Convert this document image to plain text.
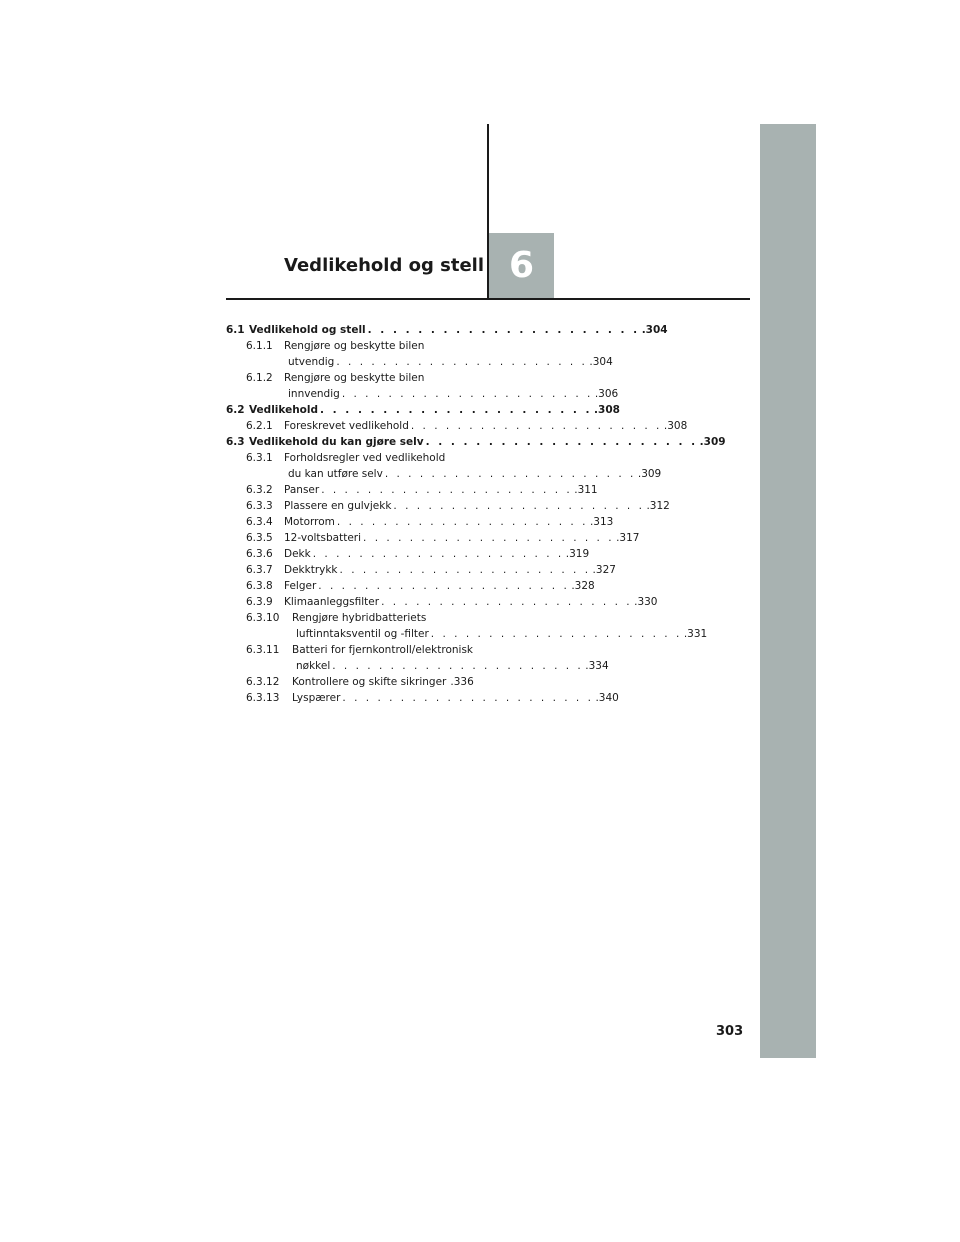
Vedlikehold og stell 6
6.1 Vedlikehold og stell . . . . . . . . . . . . . . . . . . . . . . .304
6.1.1 Rengjøre og beskytte bilen
utvendig . . . . . . . . . . . . . . . . . . . . . . .304
6.1.2 Rengjøre og beskytte bilen
innvendig . . . . . . . . . . . . . . . . . . . . . . .306
6.2 Vedlikehold . . . . . . . . . . . . . . . . . . . . . . .308
6.2.1 Foreskrevet vedlikehold . . . . . . . . . . . . . . . . . . . . . . .308
6.3 Vedlikehold du kan gjøre selv . . . . . . . . . . . . . . . . . . . . . . .309
6.3.1 Forholdsregler ved vedlikehold
du kan utføre selv . . . . . . . . . . . . . . . . . . . . . . .309
6.3.2 Panser . . . . . . . . . . . . . . . . . . . . . . .311
6.3.3 Plassere en gulvjekk . . . . . . . . . . . . . . . . . . . . . . .312
6.3.4 Motorrom . . . . . . . . . . . . . . . . . . . . . . .313
6.3.5 12-voltsbatteri . . . . . . . . . . . . . . . . . . . . . . .317
6.3.6 Dekk . . . . . . . . . . . . . . . . . . . . . . .319
6.3.7 Dekktrykk . . . . . . . . . . . . . . . . . . . . . . .327
6.3.8 Felger . . . . . . . . . . . . . . . . . . . . . . .328
6.3.9 Klimaanleggsfilter . . . . . . . . . . . . . . . . . . . . . . .330
6.3.10 Rengjøre hybridbatteriets
luftinntaksventil og -filter . . . . . . . . . . . . . . . . . . . . . . .331
6.3.11 Batteri for fjernkontroll/elektronisk
nøkkel . . . . . . . . . . . . . . . . . . . . . . .334
6.3.12 Kontrollere og skifte sikringer .336
6.3.13 Lyspærer . . . . . . . . . . . . . . . . . . . . . . .340
303
